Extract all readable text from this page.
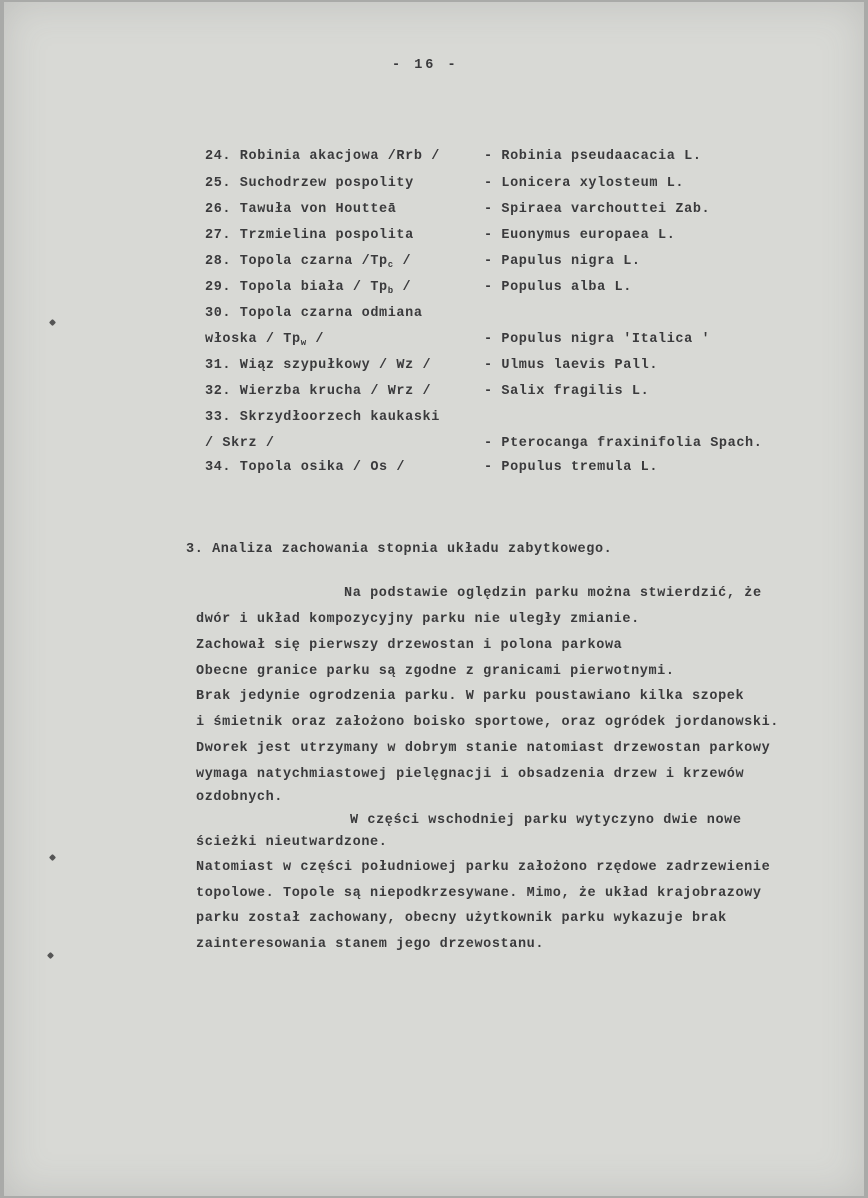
- 16 -
24. Robinia akacjowa /Rrb /	- Robinia pseudaacacia L.
25. Suchodrzew pospolity	- Lonicera xylosteum L.
26. Tawuła von Houtteā	- Spiraea varchouttei Zab.
27. Trzmielina pospolita	- Euonymus europaea L.
28. Topola czarna $/Tp_c$ /	- Papulus nigra L.
29. Topola biała / $Tp_b$ /	- Populus alba L.
30. Topola czarna odmiana
włoska / $Tp_w$ /	- Populus nigra 'Italica '
31. Wiąz szypułkowy / Wz /	- Ulmus laevis Pall.
32. Wierzba krucha / Wrz /	- Salix fragilis L.
33. Skrzydłoorzech kaukaski
/ Skrz /	- Pterocanga fraxinifolia Spach.
34. Topola osika / Os /	- Populus tremula L.
3. Analiza zachowania stopnia układu zabytkowego.
Na podstawie oględzin parku można stwierdzić, że
dwór i układ kompozycyjny parku nie uległy zmianie.
Zachował się pierwszy drzewostan i polona parkowa
Obecne granice parku są zgodne z granicami pierwotnymi.
Brak jedynie ogrodzenia parku. W parku poustawiano kilka szopek
i śmietnik oraz założono boisko sportowe, oraz ogródek jordanowski.
Dworek jest utrzymany w dobrym stanie natomiast drzewostan parkowy
wymaga natychmiastowej pielęgnacji i obsadzenia drzew i krzewów
ozdobnych.
W części wschodniej parku wytyczyno dwie nowe
ścieżki nieutwardzone.
Natomiast w części południowej parku założono rzędowe zadrzewienie
topolowe. Topole są niepodkrzesywane. Mimo, że układ krajobrazowy
parku został zachowany, obecny użytkownik parku wykazuje brak
zainteresowania stanem jego drzewostanu.
